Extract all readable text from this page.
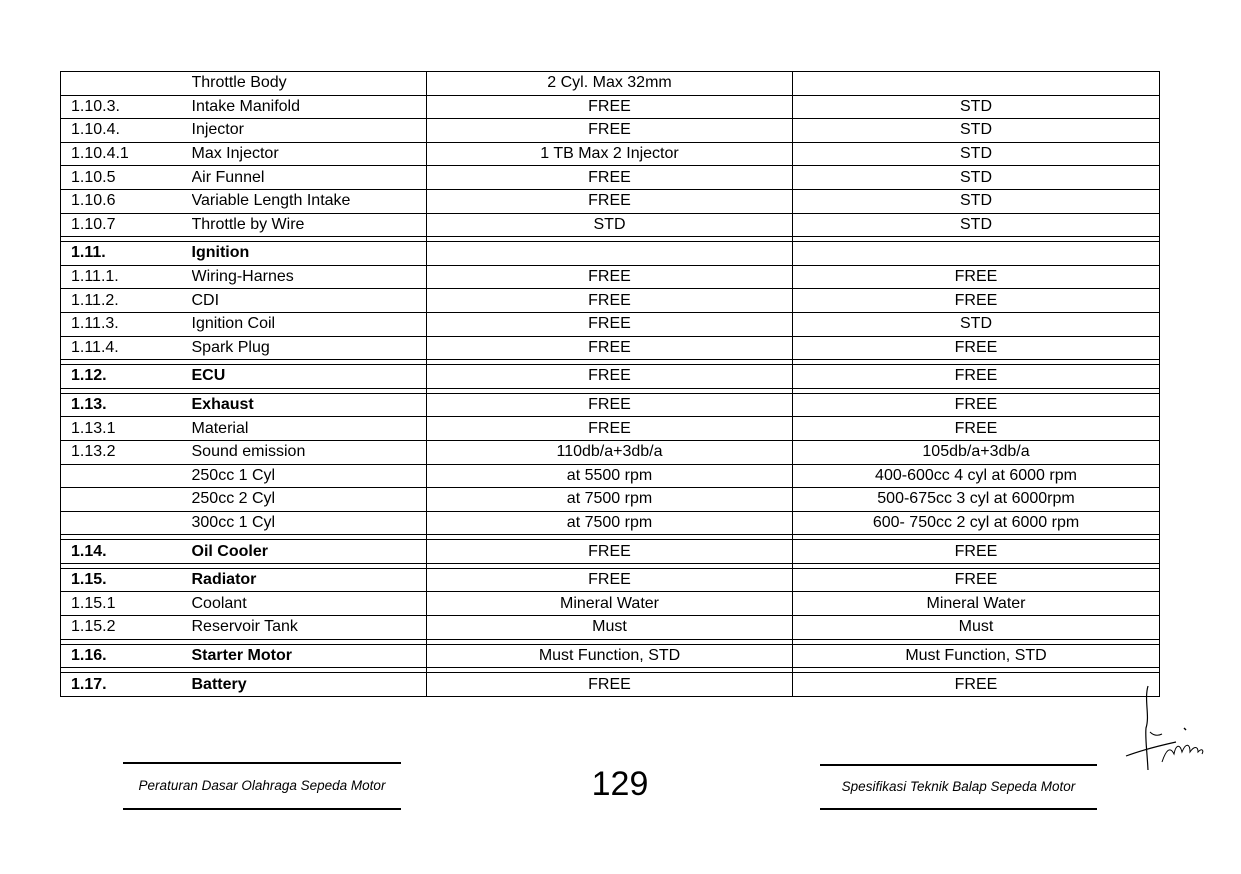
	Throttle Body	2 Cyl. Max 32mm	
1.10.3.	Intake Manifold	FREE	STD
1.10.4.	Injector	FREE	STD
1.10.4.1	Max Injector	1 TB Max 2 Injector	STD
1.10.5	Air Funnel	FREE	STD
1.10.6	Variable Length Intake	FREE	STD
1.10.7	Throttle by Wire	STD	STD

1.11.	Ignition		
1.11.1.	Wiring-Harnes	FREE	FREE
1.11.2.	CDI	FREE	FREE
1.11.3.	Ignition Coil	FREE	STD
1.11.4.	Spark Plug	FREE	FREE

1.12.	ECU	FREE	FREE

1.13.	Exhaust	FREE	FREE
1.13.1	Material	FREE	FREE
1.13.2	Sound emission	110db/a+3db/a	105db/a+3db/a
	250cc 1 Cyl	at 5500 rpm	400-600cc 4 cyl at 6000 rpm
	250cc 2 Cyl	at 7500 rpm	500-675cc 3 cyl at 6000rpm
	300cc 1 Cyl	at 7500 rpm	600- 750cc 2 cyl at 6000 rpm

1.14.	Oil Cooler	FREE	FREE

1.15.	Radiator	FREE	FREE
1.15.1	Coolant	Mineral Water	Mineral Water
1.15.2	Reservoir Tank	Must	Must

1.16.	Starter Motor	Must Function, STD	Must Function, STD

1.17.	Battery	FREE	FREE
Peraturan Dasar Olahraga Sepeda Motor	129	Spesifikasi Teknik Balap Sepeda Motor
